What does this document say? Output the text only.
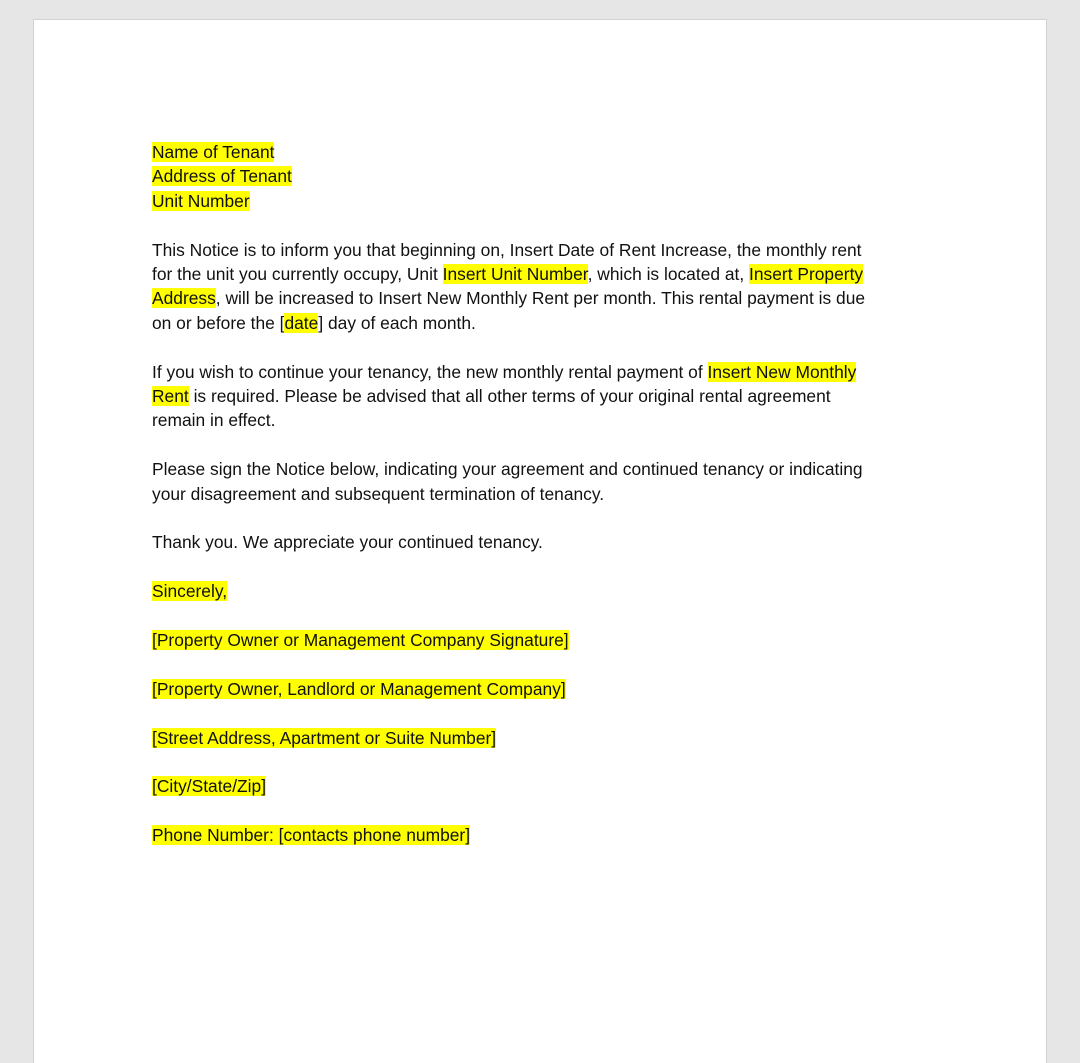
Name of Tenant
Address of Tenant
Unit Number

This Notice is to inform you that beginning on, Insert Date of Rent Increase, the monthly rent
for the unit you currently occupy, Unit Insert Unit Number, which is located at, Insert Property
Address, will be increased to Insert New Monthly Rent per month. This rental payment is due
on or before the [date] day of each month.

If you wish to continue your tenancy, the new monthly rental payment of Insert New Monthly
Rent is required. Please be advised that all other terms of your original rental agreement
remain in effect.

Please sign the Notice below, indicating your agreement and continued tenancy or indicating
your disagreement and subsequent termination of tenancy.

Thank you. We appreciate your continued tenancy.

Sincerely,

[Property Owner or Management Company Signature]

[Property Owner, Landlord or Management Company]

[Street Address, Apartment or Suite Number]

[City/State/Zip]

Phone Number: [contacts phone number]
